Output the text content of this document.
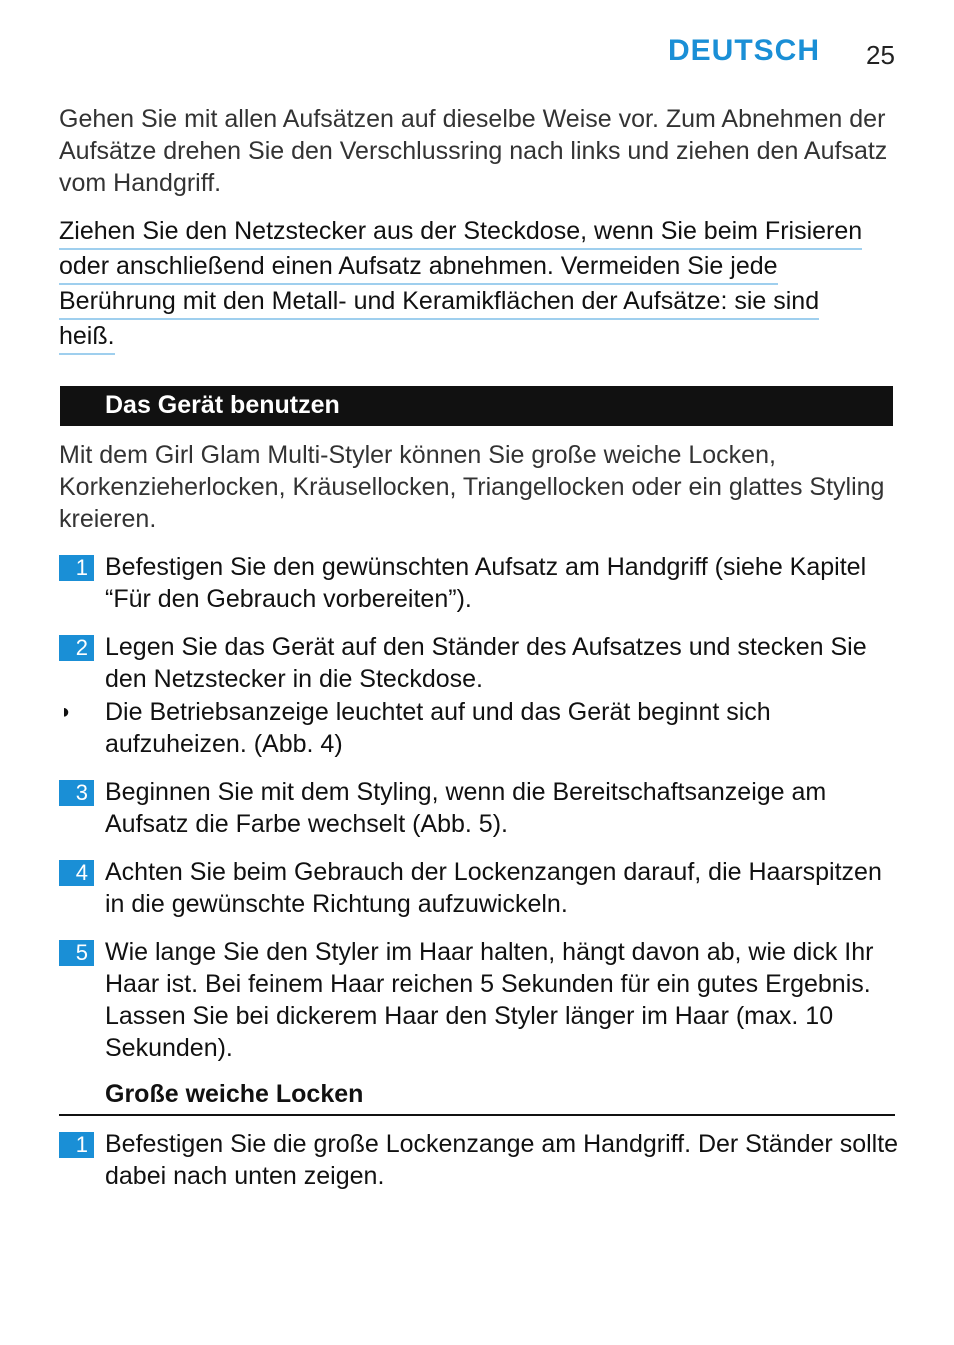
DEUTSCH 25
Gehen Sie mit allen Aufsätzen auf dieselbe Weise vor. Zum Abnehmen der Aufsätze drehen Sie den Verschlussring nach links und ziehen den Aufsatz vom Handgriff.
Ziehen Sie den Netzstecker aus der Steckdose, wenn Sie beim Frisieren
oder anschließend einen Aufsatz abnehmen. Vermeiden Sie jede
Berührung mit den Metall- und Keramikflächen der Aufsätze: sie sind
heiß.
Das Gerät benutzen
Mit dem Girl Glam Multi-Styler können Sie große weiche Locken, Korkenzieherlocken, Kräusellocken, Triangellocken oder ein glattes Styling kreieren.
1 Befestigen Sie den gewünschten Aufsatz am Handgriff (siehe Kapitel “Für den Gebrauch vorbereiten”).
2 Legen Sie das Gerät auf den Ständer des Aufsatzes und stecken Sie den Netzstecker in die Steckdose.
◗ Die Betriebsanzeige leuchtet auf und das Gerät beginnt sich aufzuheizen. (Abb. 4)
3 Beginnen Sie mit dem Styling, wenn die Bereitschaftsanzeige am Aufsatz die Farbe wechselt (Abb. 5).
4 Achten Sie beim Gebrauch der Lockenzangen darauf, die Haarspitzen in die gewünschte Richtung aufzuwickeln.
5 Wie lange Sie den Styler im Haar halten, hängt davon ab, wie dick Ihr Haar ist. Bei feinem Haar reichen 5 Sekunden für ein gutes Ergebnis. Lassen Sie bei dickerem Haar den Styler länger im Haar (max. 10 Sekunden).
Große weiche Locken
1 Befestigen Sie die große Lockenzange am Handgriff. Der Ständer sollte dabei nach unten zeigen.
